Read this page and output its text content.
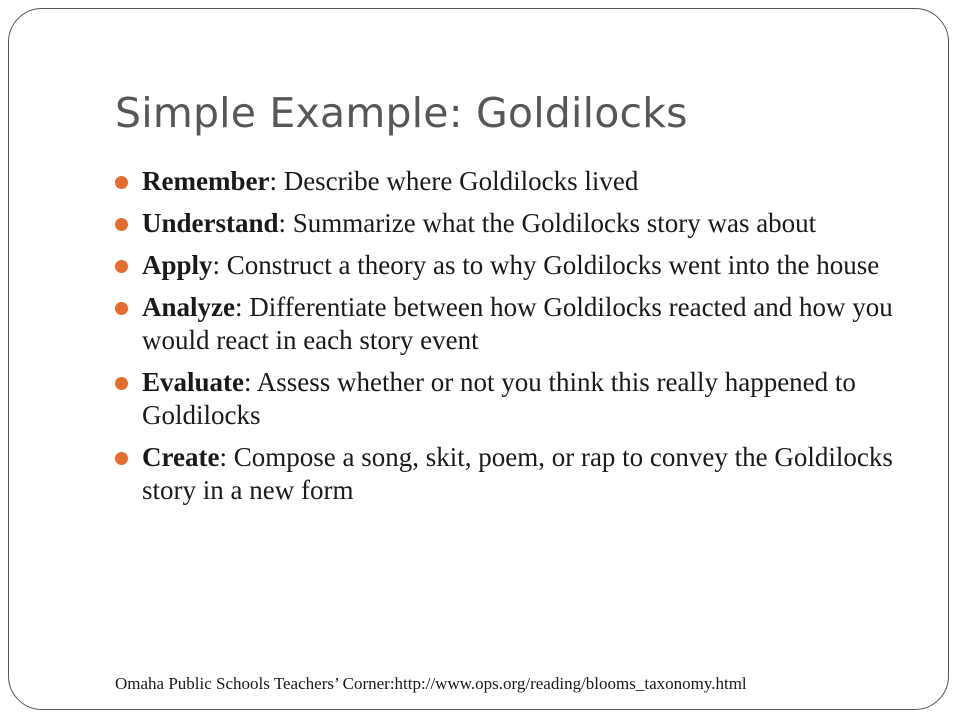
Simple Example: Goldilocks
Remember: Describe where Goldilocks lived
Understand: Summarize what the Goldilocks story was about
Apply: Construct a theory as to why Goldilocks went into the house
Analyze: Differentiate between how Goldilocks reacted and how you would react in each story event
Evaluate: Assess whether or not you think this really happened to Goldilocks
Create: Compose a song, skit, poem, or rap to convey the Goldilocks story in a new form

Omaha Public Schools Teachers’ Corner:http://www.ops.org/reading/blooms_taxonomy.html
